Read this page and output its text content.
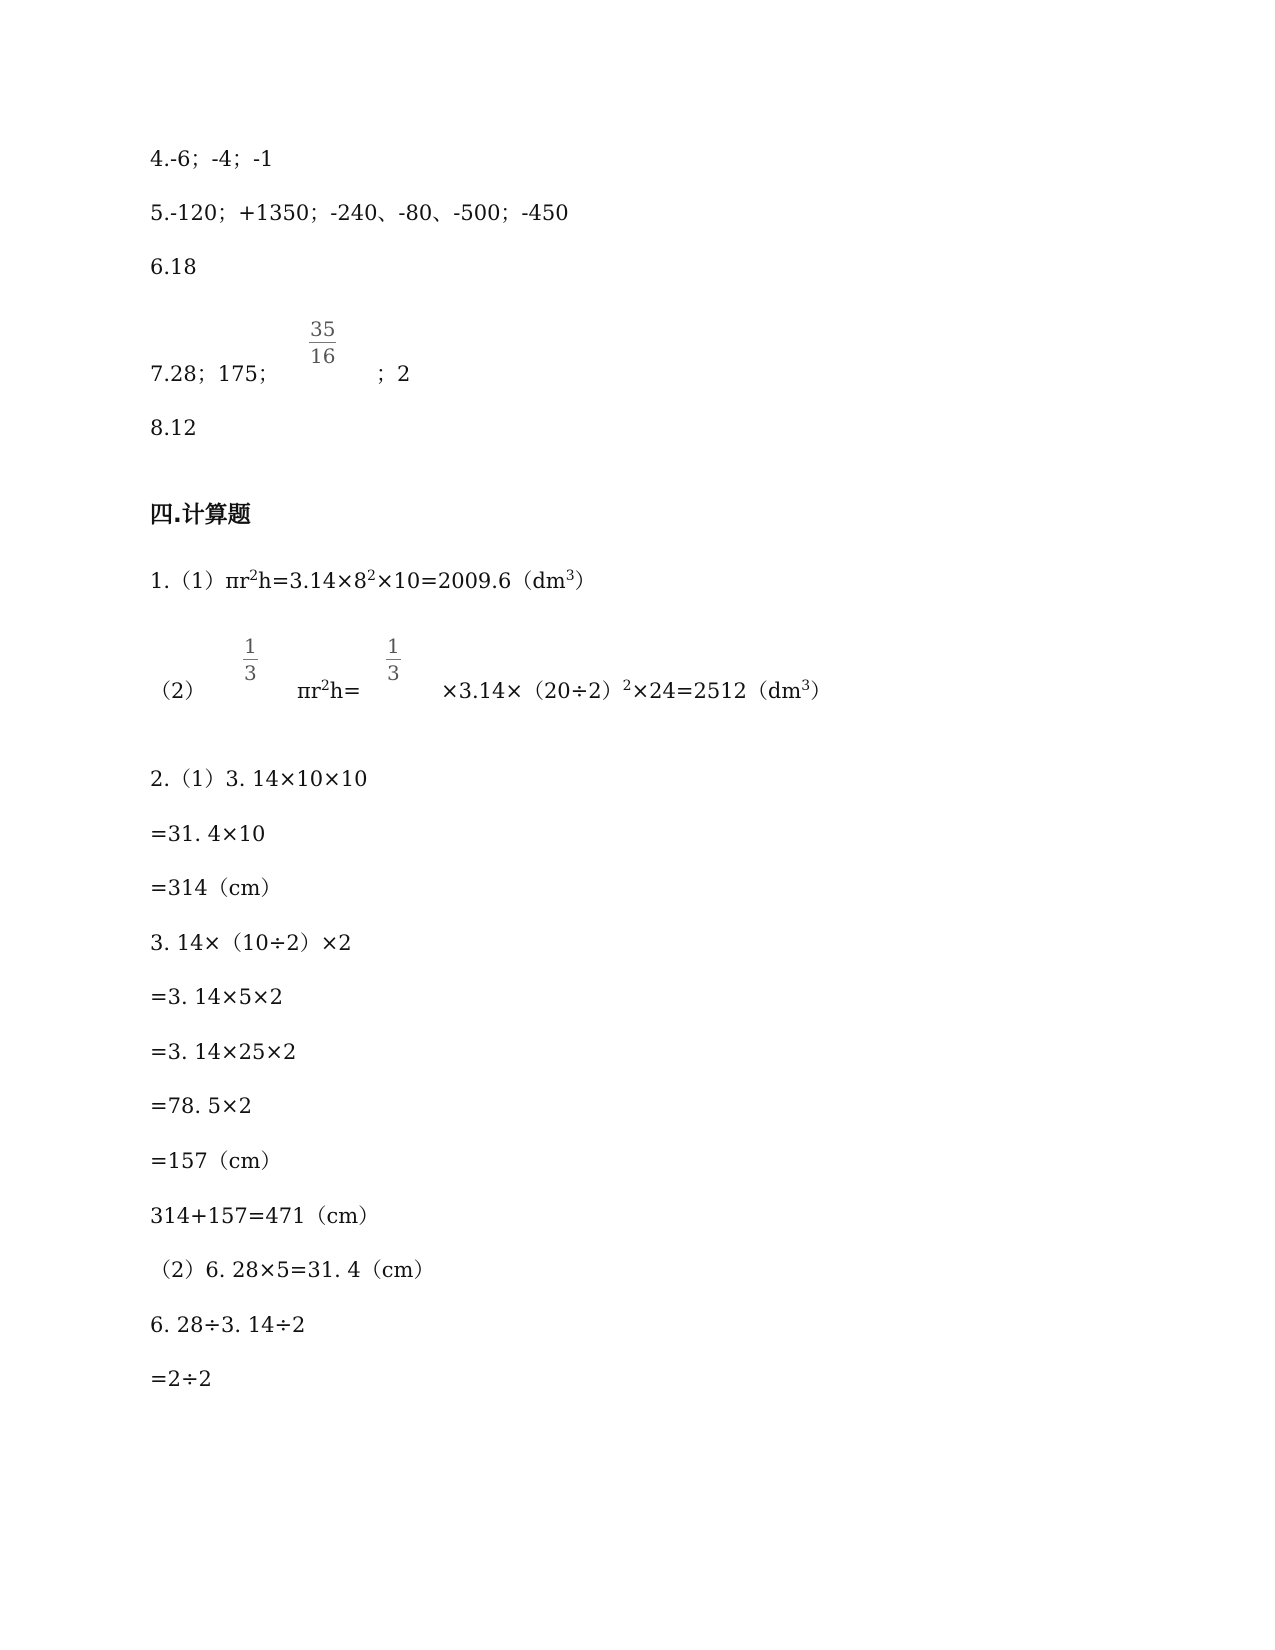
4.-6；-4；-1
5.-120；+1350；-240、-80、-500；-450
6.18
7.28；175；
35
16
；2
8.12
四.计算题
$1.(1)\pi r^2h=3.14\times 8^2\times 10=2009.6(dm^3)$
（2）
1
3
$\pi r^2h=$
1
3
$\times 3.14\times(20\div 2)^2\times 24=2512(dm^3)$
2.（1）3. 14×10×10
=31. 4×10
=314（cm）
3. 14×（10÷2）×2
=3. 14×5×2
=3. 14×25×2
=78. 5×2
=157（cm）
314+157=471（cm）
（2）6. 28×5=31. 4（cm）
6. 28÷3. 14÷2
=2÷2
